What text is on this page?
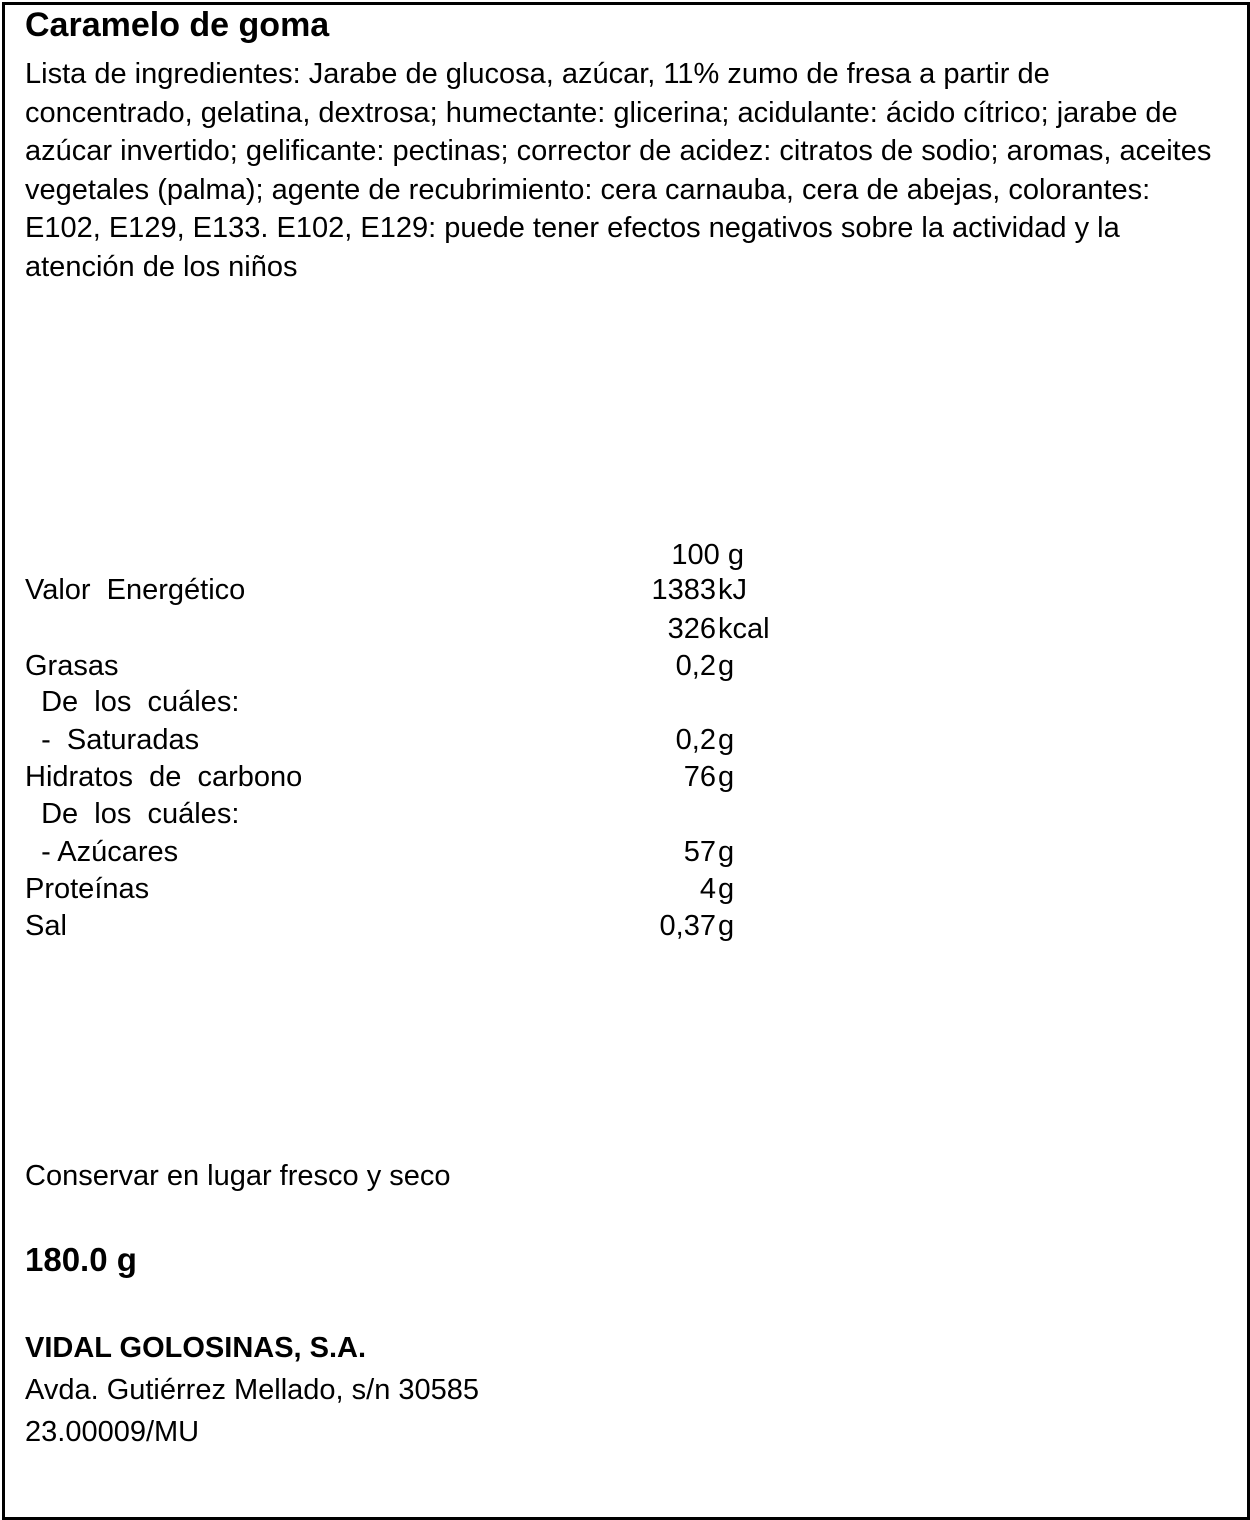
Caramelo de goma
Lista de ingredientes: Jarabe de glucosa, azúcar, 11% zumo de fresa a partir de concentrado, gelatina, dextrosa; humectante: glicerina; acidulante: ácido cítrico; jarabe de azúcar invertido; gelificante: pectinas; corrector de acidez: citratos de sodio; aromas, aceites vegetales (palma); agente de recubrimiento: cera carnauba, cera de abejas, colorantes: E102, E129, E133. E102, E129: puede tener efectos negativos sobre la actividad y la atención de los niños
100 g
Valor  Energético	1383 kJ
326 kcal
Grasas	0,2 g
De  los  cuáles:
-  Saturadas	0,2 g
Hidratos  de  carbono	76 g
De  los  cuáles:
- Azúcares	57 g
Proteínas	4 g
Sal	0,37 g
Conservar en lugar fresco y seco
180.0 g
VIDAL GOLOSINAS, S.A.
Avda. Gutiérrez Mellado, s/n 30585
23.00009/MU
